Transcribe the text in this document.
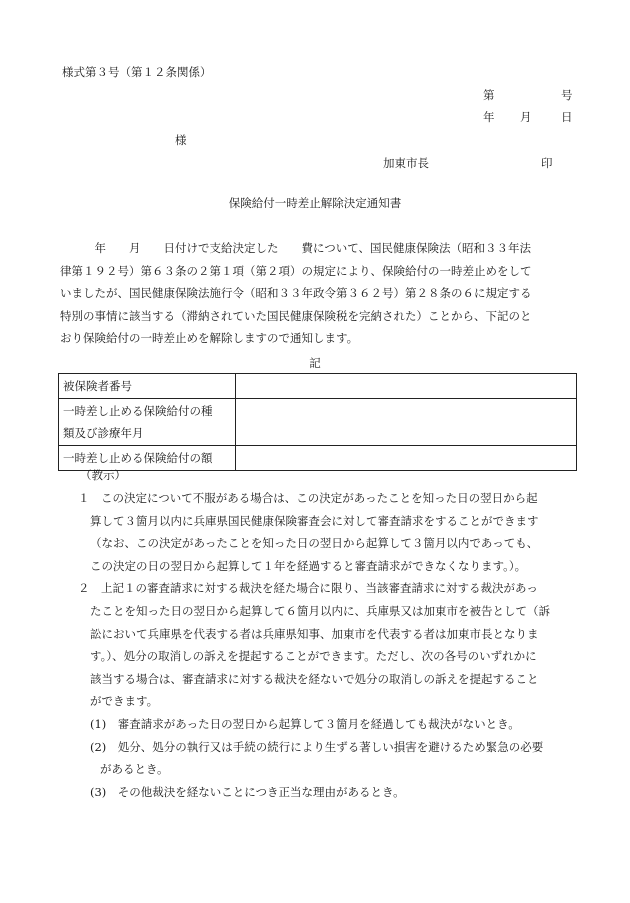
様式第３号（第１２条関係）
第	号
年 月	日
様
加東市長	印
保険給付一時差止解除決定通知書

　　　年　　月　　日付けで支給決定した　　費について、国民健康保険法（昭和３３年法

律第１９２号）第６３条の２第１項（第２項）の規定により、保険給付の一時差止めをして

いましたが、国民健康保険法施行令（昭和３３年政令第３６２号）第２８条の６に規定する

特別の事情に該当する（滞納されていた国民健康保険税を完納された）ことから、下記のと

おり保険給付の一時差止めを解除しますので通知します。

記
被保険者番号	

一時差し止める保険給付の種
類及び診療年月	

一時差し止める保険給付の額	
（教示）

１　この決定について不服がある場合は、この決定があったことを知った日の翌日から起

算して３箇月以内に兵庫県国民健康保険審査会に対して審査請求をすることができます

（なお、この決定があったことを知った日の翌日から起算して３箇月以内であっても、

この決定の日の翌日から起算して１年を経過すると審査請求ができなくなります。）。

２　上記１の審査請求に対する裁決を経た場合に限り、当該審査請求に対する裁決があっ

たことを知った日の翌日から起算して６箇月以内に、兵庫県又は加東市を被告として（訴

訟において兵庫県を代表する者は兵庫県知事、加東市を代表する者は加東市長となりま

す。）、処分の取消しの訴えを提起することができます。ただし、次の各号のいずれかに

該当する場合は、審査請求に対する裁決を経ないで処分の取消しの訴えを提起すること

ができます。

(1)　審査請求があった日の翌日から起算して３箇月を経過しても裁決がないとき。

(2)　処分、処分の執行又は手続の続行により生ずる著しい損害を避けるため緊急の必要

があるとき。

(3)　その他裁決を経ないことにつき正当な理由があるとき。
